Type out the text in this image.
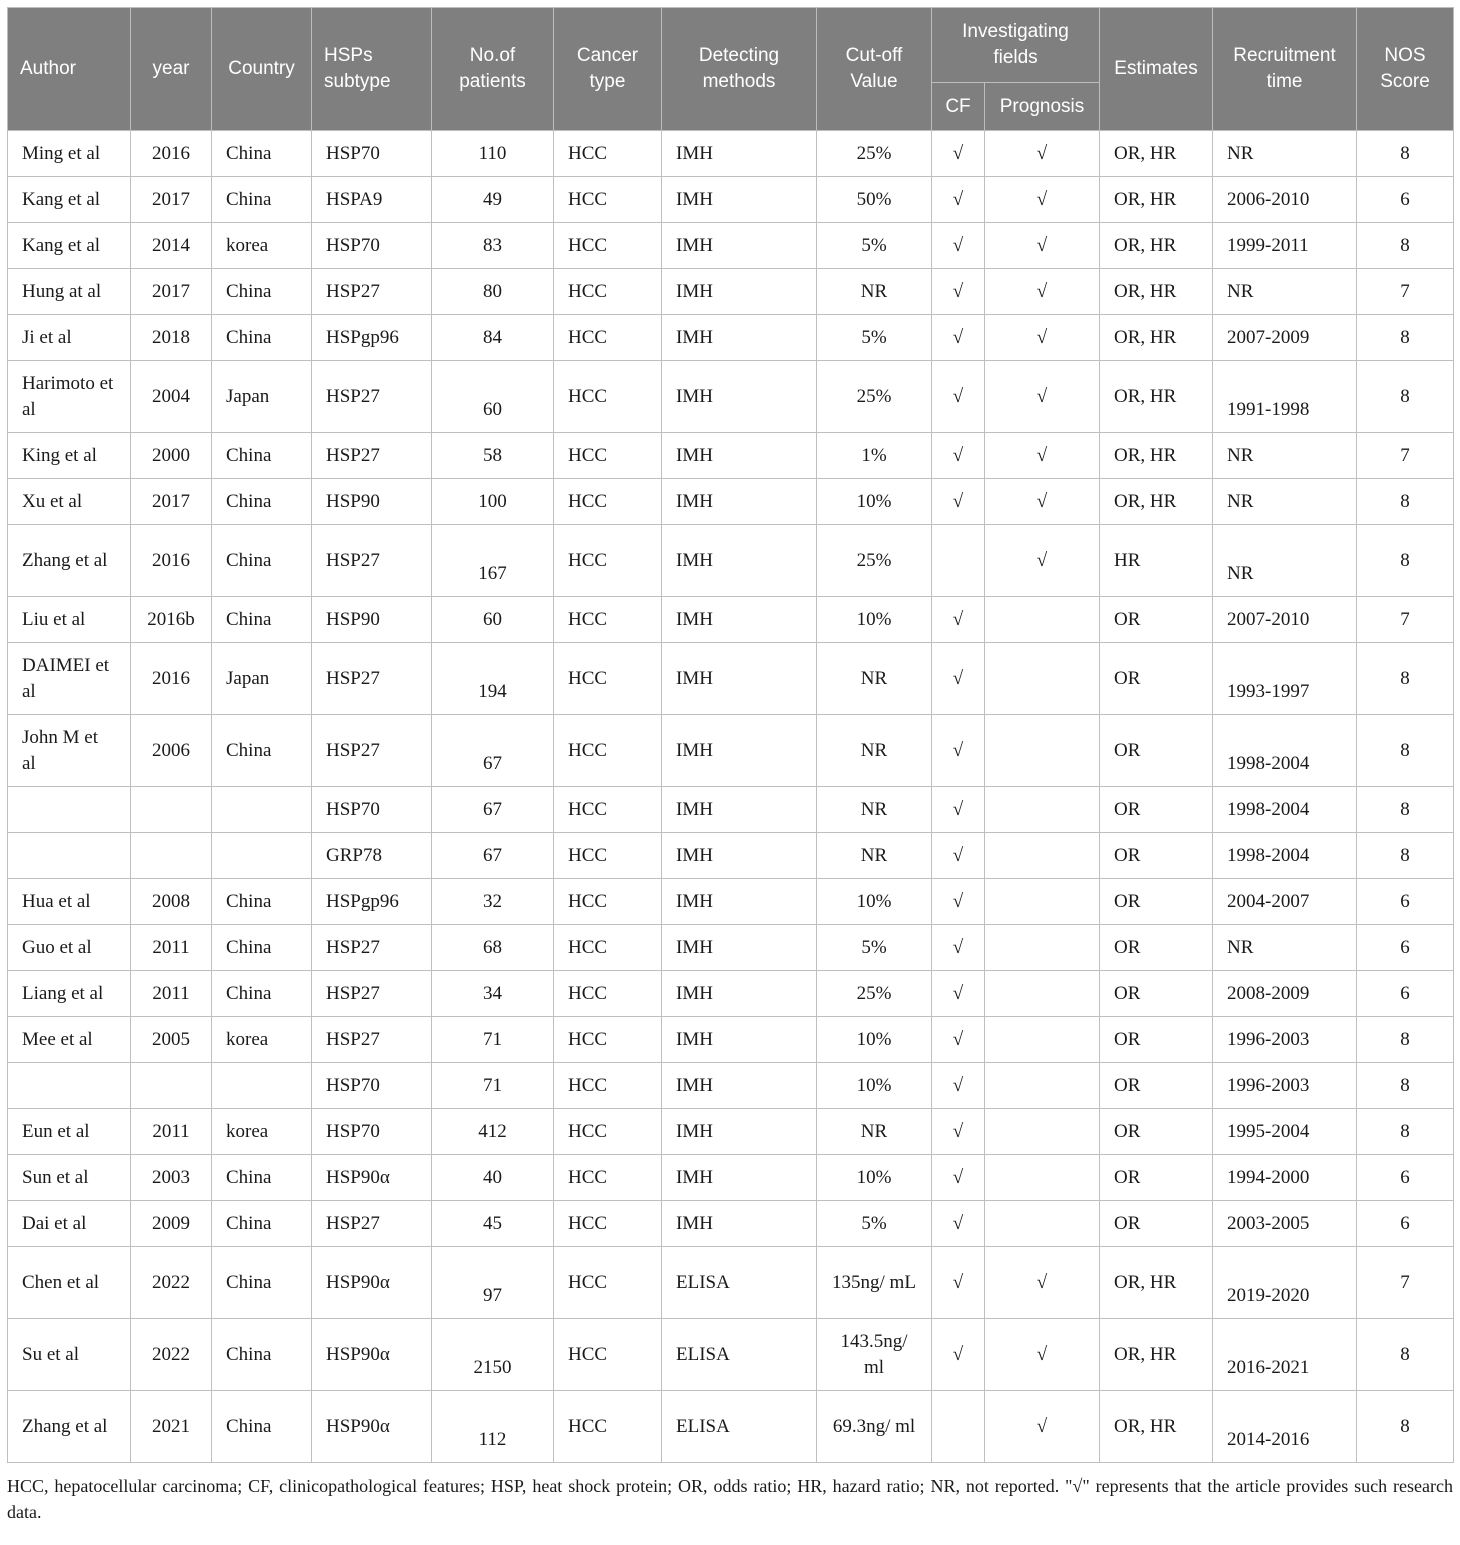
Author	year	Country	HSPs subtype	No.of patients	Cancer type	Detecting methods	Cut-off Value	Investigating fields		Estimates	Recruitment time	NOS Score
								CF	Prognosis			
Ming et al	2016	China	HSP70	110	HCC	IMH	25%	√	√	OR, HR	NR	8
Kang et al	2017	China	HSPA9	49	HCC	IMH	50%	√	√	OR, HR	2006-2010	6
Kang et al	2014	korea	HSP70	83	HCC	IMH	5%	√	√	OR, HR	1999-2011	8
Hung at al	2017	China	HSP27	80	HCC	IMH	NR	√	√	OR, HR	NR	7
Ji et al	2018	China	HSPgp96	84	HCC	IMH	5%	√	√	OR, HR	2007-2009	8
Harimoto et al	2004	Japan	HSP27	60	HCC	IMH	25%	√	√	OR, HR	1991-1998	8
King et al	2000	China	HSP27	58	HCC	IMH	1%	√	√	OR, HR	NR	7
Xu et al	2017	China	HSP90	100	HCC	IMH	10%	√	√	OR, HR	NR	8
Zhang et al	2016	China	HSP27	167	HCC	IMH	25%		√	HR	NR	8
Liu et al	2016b	China	HSP90	60	HCC	IMH	10%	√		OR	2007-2010	7
DAIMEI et al	2016	Japan	HSP27	194	HCC	IMH	NR	√		OR	1993-1997	8
John M et al	2006	China	HSP27	67	HCC	IMH	NR	√		OR	1998-2004	8
			HSP70	67	HCC	IMH	NR	√		OR	1998-2004	8
			GRP78	67	HCC	IMH	NR	√		OR	1998-2004	8
Hua et al	2008	China	HSPgp96	32	HCC	IMH	10%	√		OR	2004-2007	6
Guo et al	2011	China	HSP27	68	HCC	IMH	5%	√		OR	NR	6
Liang et al	2011	China	HSP27	34	HCC	IMH	25%	√		OR	2008-2009	6
Mee et al	2005	korea	HSP27	71	HCC	IMH	10%	√		OR	1996-2003	8
			HSP70	71	HCC	IMH	10%	√		OR	1996-2003	8
Eun et al	2011	korea	HSP70	412	HCC	IMH	NR	√		OR	1995-2004	8
Sun et al	2003	China	HSP90α	40	HCC	IMH	10%	√		OR	1994-2000	6
Dai et al	2009	China	HSP27	45	HCC	IMH	5%	√		OR	2003-2005	6
Chen et al	2022	China	HSP90α	97	HCC	ELISA	135ng/ mL	√	√	OR, HR	2019-2020	7
Su et al	2022	China	HSP90α	2150	HCC	ELISA	143.5ng/ ml	√	√	OR, HR	2016-2021	8
Zhang et al	2021	China	HSP90α	112	HCC	ELISA	69.3ng/ ml		√	OR, HR	2014-2016	8

HCC, hepatocellular carcinoma; CF, clinicopathological features; HSP, heat shock protein; OR, odds ratio; HR, hazard ratio; NR, not reported. "√" represents that the article provides such research data.
